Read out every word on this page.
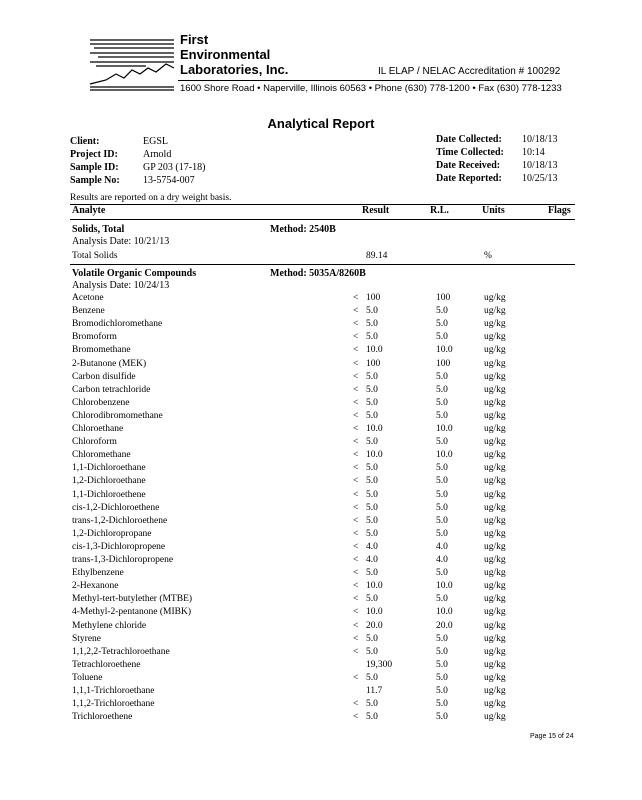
First
Environmental
Laboratories, Inc.	IL ELAP / NELAC Accreditation # 100292
1600 Shore Road • Naperville, Illinois 60563 • Phone (630) 778-1200 • Fax (630) 778-1233
Analytical Report
Client:	EGSL
Project ID:	Arnold
Sample ID: GP 203 (17-18)
Sample No: 13-5754-007
Date Collected: 10/18/13
Time Collected: 10:14
Date Received: 10/18/13
Date Reported: 10/25/13
Results are reported on a dry weight basis.
Analyte	Result	R.L.	Units	Flags
Solids, Total	Method: 2540B
Analysis Date: 10/21/13
Total Solids	89.14	%
Volatile Organic Compounds	Method: 5035A/8260B
Analysis Date: 10/24/13
Acetone	< 100	100	ug/kg
Benzene	< 5.0	5.0	ug/kg
Bromodichloromethane	< 5.0	5.0	ug/kg
Bromoform	< 5.0	5.0	ug/kg
Bromomethane	< 10.0	10.0	ug/kg
2-Butanone (MEK)	< 100	100	ug/kg
Carbon disulfide	< 5.0	5.0	ug/kg
Carbon tetrachloride	< 5.0	5.0	ug/kg
Chlorobenzene	< 5.0	5.0	ug/kg
Chlorodibromomethane	< 5.0	5.0	ug/kg
Chloroethane	< 10.0	10.0	ug/kg
Chloroform	< 5.0	5.0	ug/kg
Chloromethane	< 10.0	10.0	ug/kg
1,1-Dichloroethane	< 5.0	5.0	ug/kg
1,2-Dichloroethane	< 5.0	5.0	ug/kg
1,1-Dichloroethene	< 5.0	5.0	ug/kg
cis-1,2-Dichloroethene	< 5.0	5.0	ug/kg
trans-1,2-Dichloroethene	< 5.0	5.0	ug/kg
1,2-Dichloropropane	< 5.0	5.0	ug/kg
cis-1,3-Dichloropropene	< 4.0	4.0	ug/kg
trans-1,3-Dichloropropene	< 4.0	4.0	ug/kg
Ethylbenzene	< 5.0	5.0	ug/kg
2-Hexanone	< 10.0	10.0	ug/kg
Methyl-tert-butylether (MTBE)	< 5.0	5.0	ug/kg
4-Methyl-2-pentanone (MIBK)	< 10.0	10.0	ug/kg
Methylene chloride	< 20.0	20.0	ug/kg
Styrene	< 5.0	5.0	ug/kg
1,1,2,2-Tetrachloroethane	< 5.0	5.0	ug/kg
Tetrachloroethene	19,300	5.0	ug/kg
Toluene	< 5.0	5.0	ug/kg
1,1,1-Trichloroethane	11.7	5.0	ug/kg
1,1,2-Trichloroethane	< 5.0	5.0	ug/kg
Trichloroethene	< 5.0	5.0	ug/kg
Page 15 of 24
